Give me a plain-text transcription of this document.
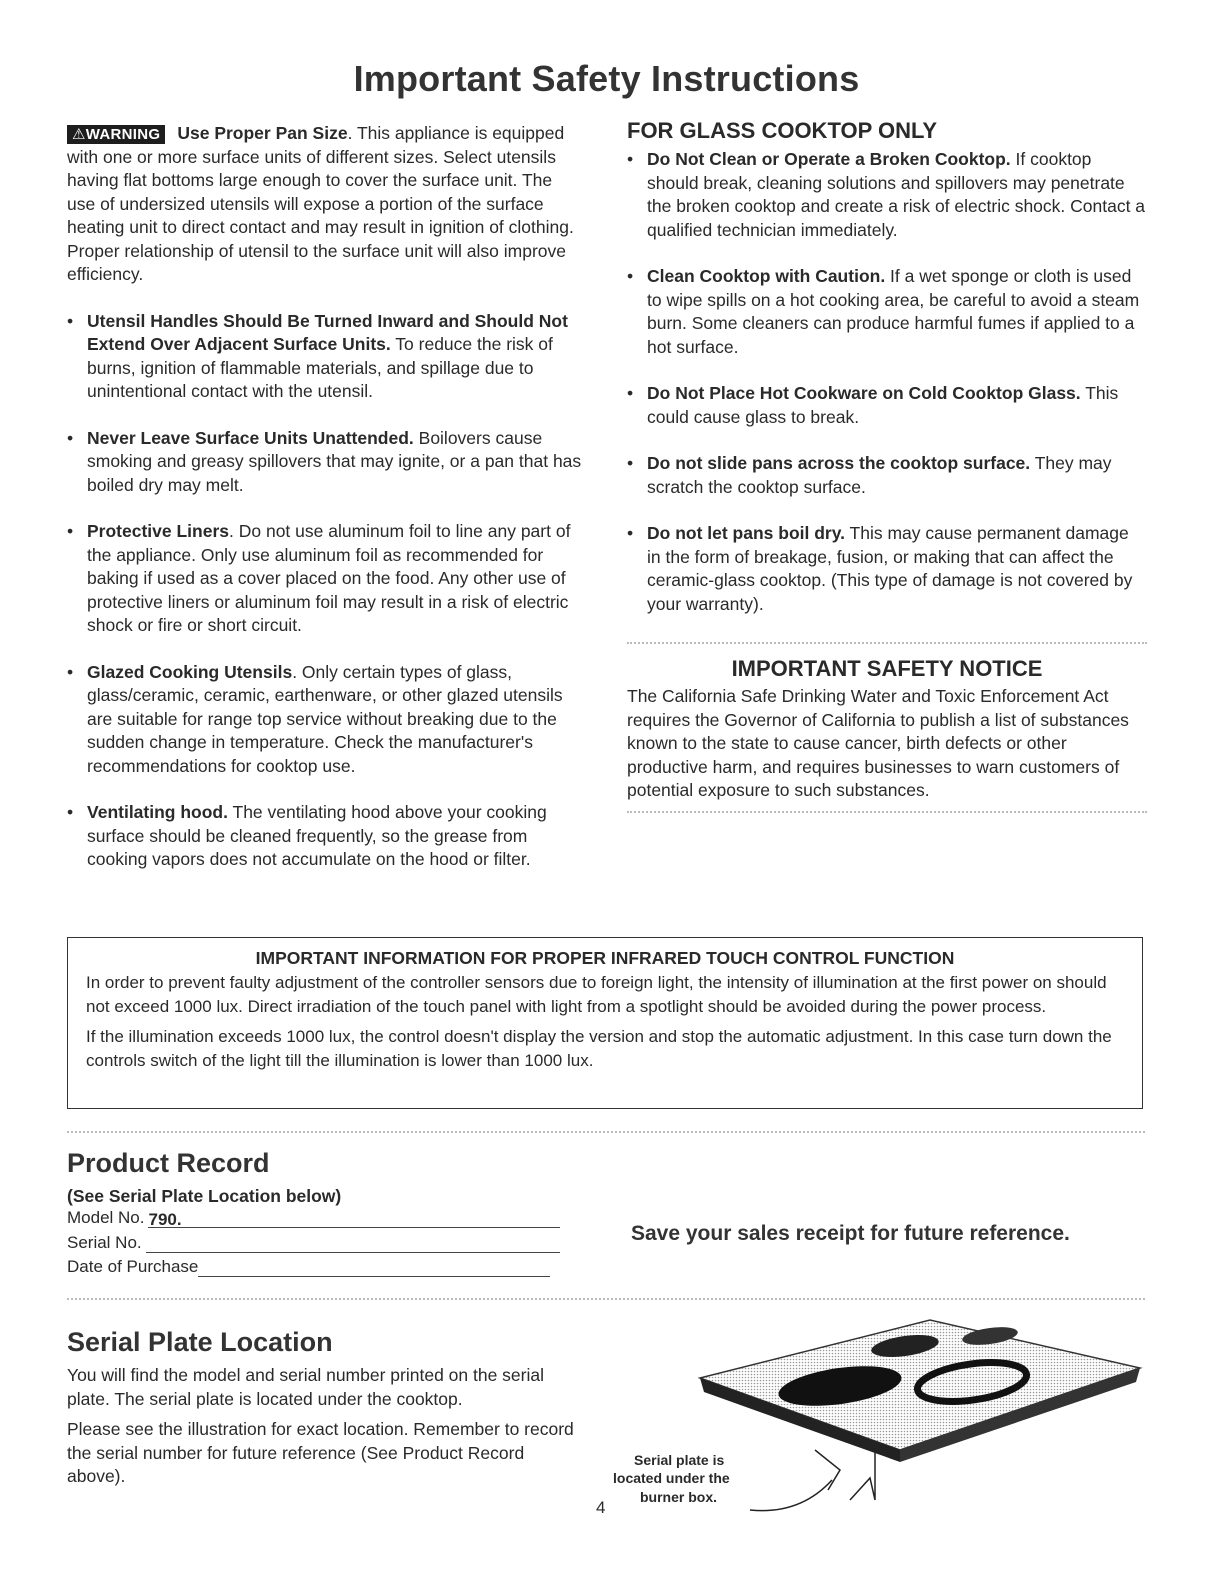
Important Safety Instructions

⚠WARNING Use Proper Pan Size. This appliance is equipped with one or more surface units of different sizes. Select utensils having flat bottoms large enough to cover the surface unit. The use of undersized utensils will expose a portion of the surface heating unit to direct contact and may result in ignition of clothing. Proper relationship of utensil to the surface unit will also improve efficiency.

•

Utensil Handles Should Be Turned Inward and Should Not Extend Over Adjacent Surface Units. To reduce the risk of burns, ignition of flammable materials, and spillage due to unintentional contact with the utensil.

•

Never Leave Surface Units Unattended. Boilovers cause smoking and greasy spillovers that may ignite, or a pan that has boiled dry may melt.

•

Protective Liners. Do not use aluminum foil to line any part of the appliance. Only use aluminum foil as recommended for baking if used as a cover placed on the food. Any other use of protective liners or aluminum foil may result in a risk of electric shock or fire or short circuit.

•

Glazed Cooking Utensils. Only certain types of glass, glass/ceramic, ceramic, earthenware, or other glazed utensils are suitable for range top service without breaking due to the sudden change in temperature. Check the manufacturer's recommendations for cooktop use.

•

Ventilating hood. The ventilating hood above your cooking surface should be cleaned frequently, so the grease from cooking vapors does not accumulate on the hood or filter.

FOR GLASS COOKTOP ONLY
•

Do Not Clean or Operate a Broken Cooktop. If cooktop should break, cleaning solutions and spillovers may penetrate the broken cooktop and create a risk of electric shock. Contact a qualified technician immediately.

•

Clean Cooktop with Caution. If a wet sponge or cloth is used to wipe spills on a hot cooking area, be careful to avoid a steam burn. Some cleaners can produce harmful fumes if applied to a hot surface.

•

Do Not Place Hot Cookware on Cold Cooktop Glass. This could cause glass to break.

•

Do not slide pans across the cooktop surface. They may scratch the cooktop surface.

•

Do not let pans boil dry. This may cause permanent damage in the form of breakage, fusion, or making that can affect the ceramic-glass cooktop. (This type of damage is not covered by your warranty).

IMPORTANT SAFETY NOTICE

The California Safe Drinking Water and Toxic Enforcement Act requires the Governor of California to publish a list of substances known to the state to cause cancer, birth defects or other productive harm, and requires businesses to warn customers of potential exposure to such substances.

IMPORTANT INFORMATION FOR PROPER INFRARED TOUCH CONTROL FUNCTION

In order to prevent faulty adjustment of the controller sensors due to foreign light, the intensity of illumination at the first power on should not exceed 1000 lux. Direct irradiation of the touch panel with light from a spotlight should be avoided during the power process.

If the illumination exceeds 1000 lux, the control doesn't display the version and stop the automatic adjustment. In this case turn down the controls switch of the light till the illumination is lower than 1000 lux.

Product Record
(See Serial Plate Location below)
Model No. 790.
Serial No.
Date of Purchase
Save your sales receipt for future reference.
Serial Plate Location

You will find the model and serial number printed on the serial plate. The serial plate is located under the cooktop.

Please see the illustration for exact location. Remember to record the serial number for future reference (See Product Record above).

Serial plate is
located under the
burner box.
4
